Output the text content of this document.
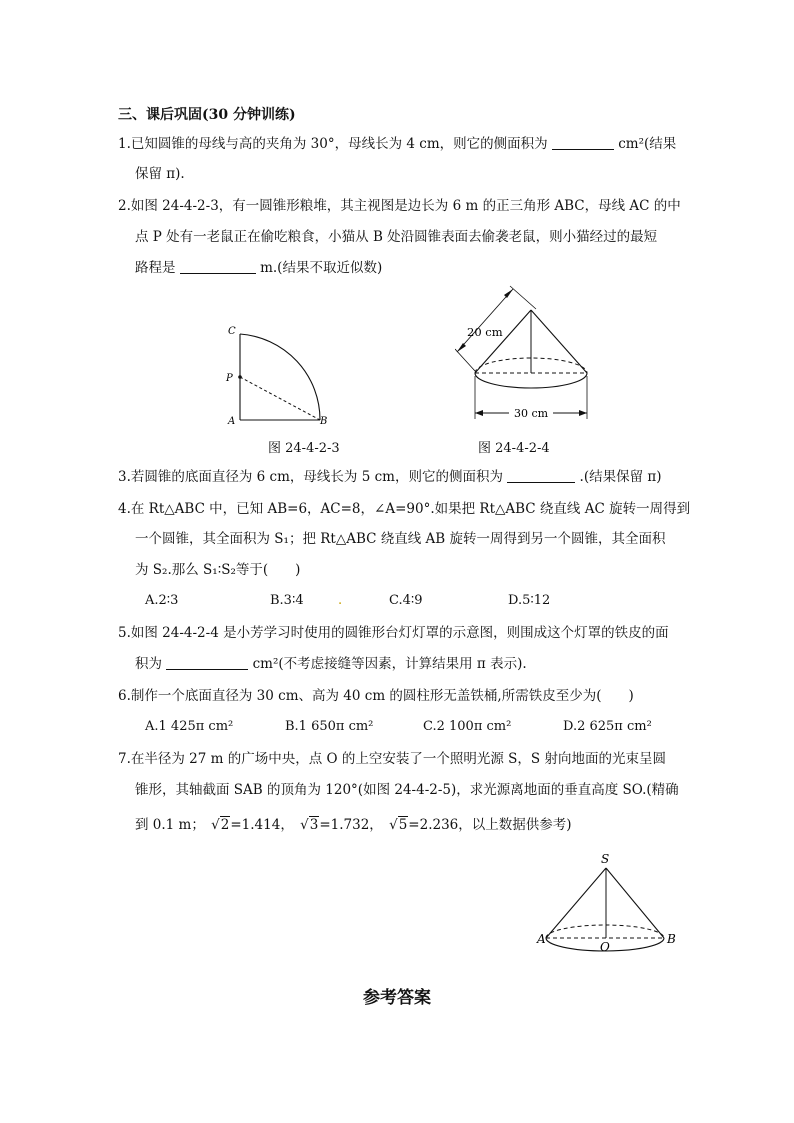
三、课后巩固(30 分钟训练)
1.已知圆锥的母线与高的夹角为 30°，母线长为 4 cm，则它的侧面积为	cm²(结果
保留 π).
2.如图 24-4-2-3，有一圆锥形粮堆，其主视图是边长为 6 m 的正三角形 ABC，母线 AC 的中
点 P 处有一老鼠正在偷吃粮食，小猫从 B 处沿圆锥表面去偷袭老鼠，则小猫经过的最短
路程是	m.(结果不取近似数)
C
P
A	B
图 24-4-2-3
20 cm
30 cm
图 24-4-2-4
3.若圆锥的底面直径为 6 cm，母线长为 5 cm，则它的侧面积为	.(结果保留 π)
4.在 Rt△ABC 中，已知 AB=6，AC=8，∠A=90°.如果把 Rt△ABC 绕直线 AC 旋转一周得到
一个圆锥，其全面积为 S₁；把 Rt△ABC 绕直线 AB 旋转一周得到另一个圆锥，其全面积
为 S₂.那么 S₁∶S₂等于(　　)
A.2∶3	B.3∶4	.	C.4∶9	D.5∶12
5.如图 24-4-2-4 是小芳学习时使用的圆锥形台灯灯罩的示意图，则围成这个灯罩的铁皮的面
积为	cm²(不考虑接缝等因素，计算结果用 π 表示).
6.制作一个底面直径为 30 cm、高为 40 cm 的圆柱形无盖铁桶,所需铁皮至少为(　　)
A.1 425π cm²	B.1 650π cm²	C.2 100π cm²	D.2 625π cm²
7.在半径为 27 m 的广场中央，点 O 的上空安装了一个照明光源 S，S 射向地面的光束呈圆
锥形，其轴截面 SAB 的顶角为 120°(如图 24-4-2-5)，求光源离地面的垂直高度 SO.(精确
到 0.1 m； √2=1.414， √3=1.732， √5=2.236，以上数据供参考)
S
A
O
B
参考答案
